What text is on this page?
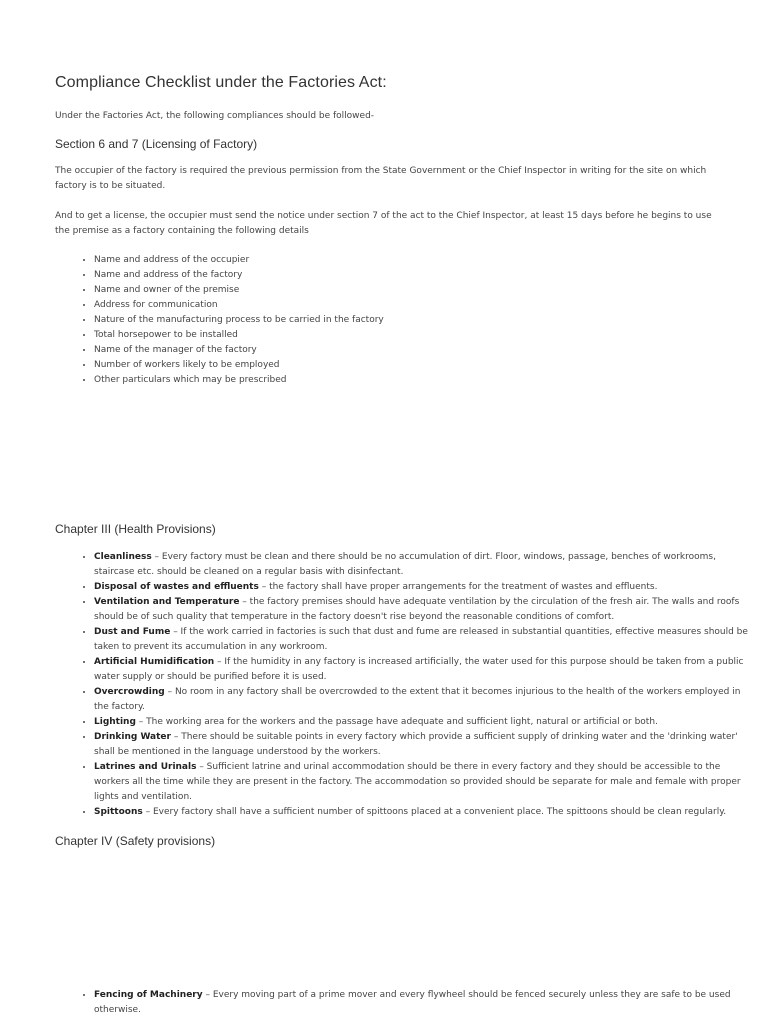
Compliance Checklist under the Factories Act:

Under the Factories Act, the following compliances should be followed-

Section 6 and 7 (Licensing of Factory)

The occupier of the factory is required the previous permission from the State Government or the Chief Inspector in writing for the site on which factory is to be situated.

And to get a license, the occupier must send the notice under section 7 of the act to the Chief Inspector, at least 15 days before he begins to use the premise as a factory containing the following details

• Name and address of the occupier
• Name and address of the factory
• Name and owner of the premise
• Address for communication
• Nature of the manufacturing process to be carried in the factory
• Total horsepower to be installed
• Name of the manager of the factory
• Number of workers likely to be employed
• Other particulars which may be prescribed
Chapter III (Health Provisions)
• Cleanliness – Every factory must be clean and there should be no accumulation of dirt. Floor, windows, passage, benches of workrooms, staircase etc. should be cleaned on a regular basis with disinfectant.
• Disposal of wastes and effluents – the factory shall have proper arrangements for the treatment of wastes and effluents.
• Ventilation and Temperature – the factory premises should have adequate ventilation by the circulation of the fresh air. The walls and roofs should be of such quality that temperature in the factory doesn't rise beyond the reasonable conditions of comfort.
• Dust and Fume – If the work carried in factories is such that dust and fume are released in substantial quantities, effective measures should be taken to prevent its accumulation in any workroom.
• Artificial Humidification – If the humidity in any factory is increased artificially, the water used for this purpose should be taken from a public water supply or should be purified before it is used.
• Overcrowding – No room in any factory shall be overcrowded to the extent that it becomes injurious to the health of the workers employed in the factory.
• Lighting – The working area for the workers and the passage have adequate and sufficient light, natural or artificial or both.
• Drinking Water – There should be suitable points in every factory which provide a sufficient supply of drinking water and the 'drinking water' shall be mentioned in the language understood by the workers.
• Latrines and Urinals – Sufficient latrine and urinal accommodation should be there in every factory and they should be accessible to the workers all the time while they are present in the factory. The accommodation so provided should be separate for male and female with proper lights and ventilation.
• Spittoons – Every factory shall have a sufficient number of spittoons placed at a convenient place. The spittoons should be clean regularly.
Chapter IV (Safety provisions)
• Fencing of Machinery – Every moving part of a prime mover and every flywheel should be fenced securely unless they are safe to be used otherwise.
